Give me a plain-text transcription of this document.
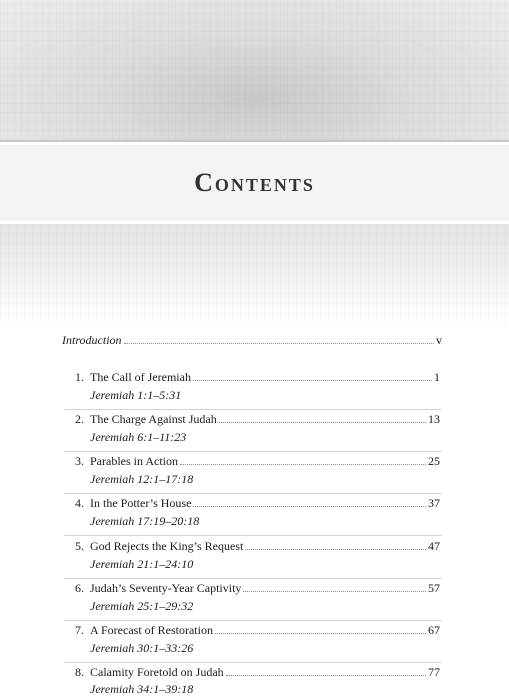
Contents
Introduction	v
1. The Call of Jeremiah	1
Jeremiah 1:1–5:31
2. The Charge Against Judah	13
Jeremiah 6:1–11:23
3. Parables in Action	25
Jeremiah 12:1–17:18
4. In the Potter’s House	37
Jeremiah 17:19–20:18
5. God Rejects the King’s Request	47
Jeremiah 21:1–24:10
6. Judah’s Seventy-Year Captivity	57
Jeremiah 25:1–29:32
7. A Forecast of Restoration	67
Jeremiah 30:1–33:26
8. Calamity Foretold on Judah	77
Jeremiah 34:1–39:18
